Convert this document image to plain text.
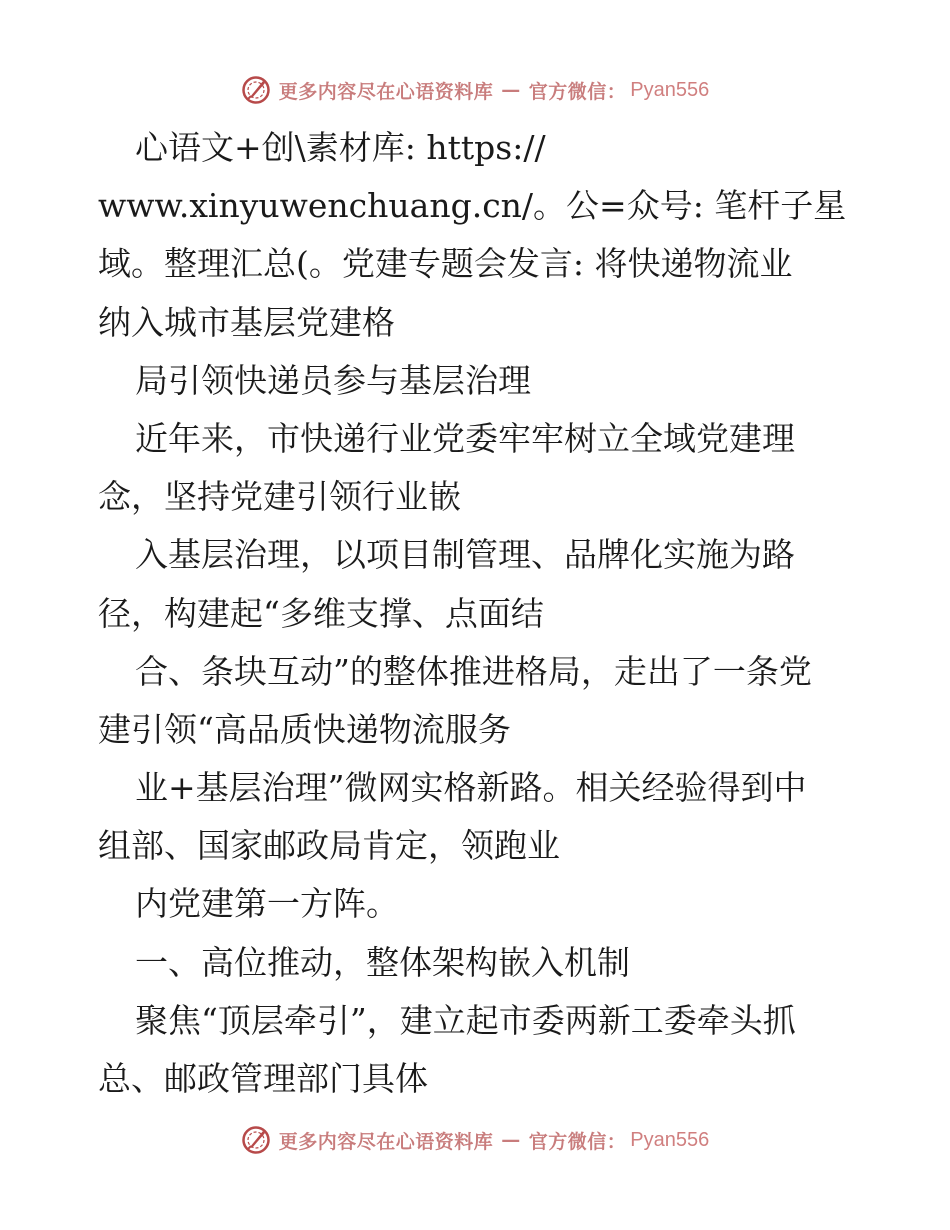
更多内容尽在心语资料库 — 官方微信： Pyan556
心语文+创\素材库: https://
www.xinyuwenchuang.cn/。公=众号: 笔杆子星
域。整理汇总(。党建专题会发言: 将快递物流业
纳入城市基层党建格
局引领快递员参与基层治理
近年来，市快递行业党委牢牢树立全域党建理
念，坚持党建引领行业嵌
入基层治理，以项目制管理、品牌化实施为路
径，构建起“多维支撑、点面结
合、条块互动”的整体推进格局，走出了一条党
建引领“高品质快递物流服务
业+基层治理”微网实格新路。相关经验得到中
组部、国家邮政局肯定，领跑业
内党建第一方阵。
一、高位推动，整体架构嵌入机制
聚焦“顶层牵引”，建立起市委两新工委牵头抓
总、邮政管理部门具体
更多内容尽在心语资料库 — 官方微信： Pyan556
